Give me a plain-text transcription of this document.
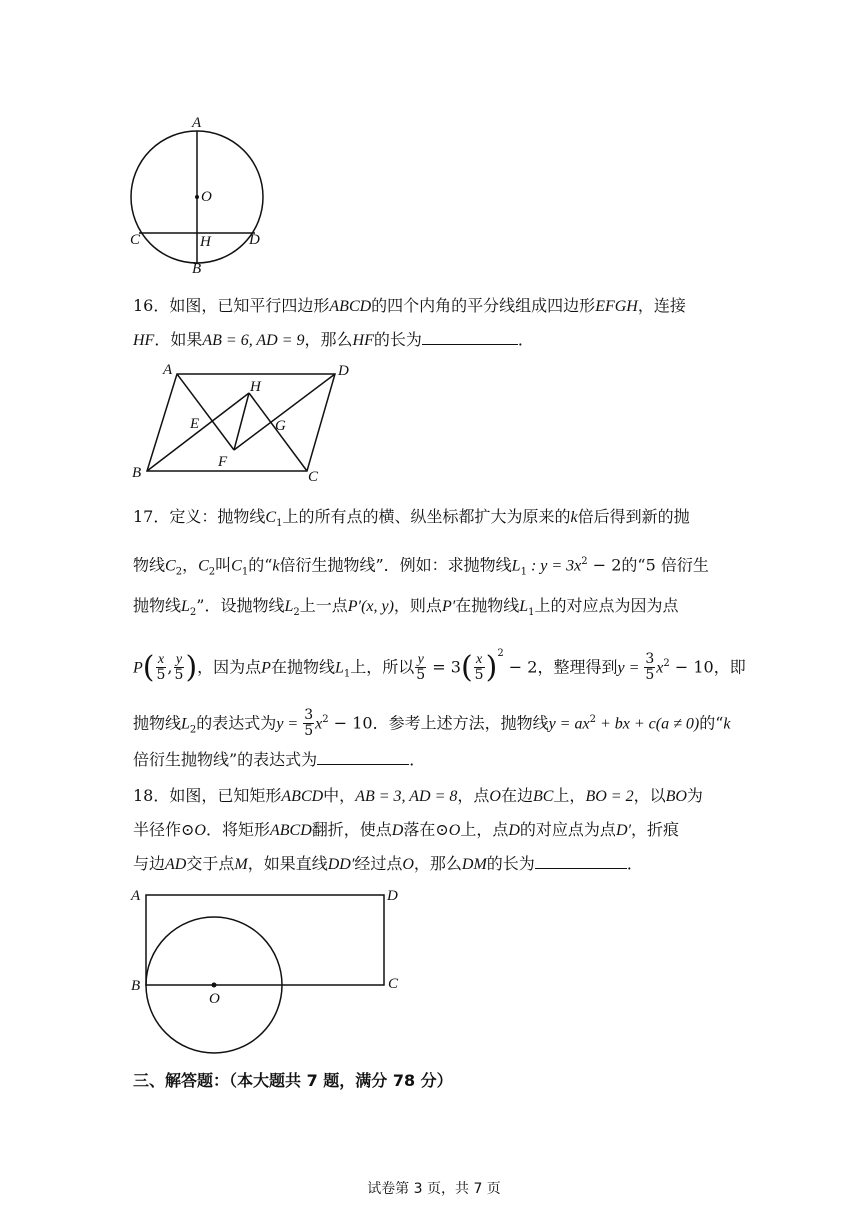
A
O
C	H	D
B
16．如图，已知平行四边形ABCD的四个内角的平分线组成四边形EFGH，连接
HF．如果AB = 6, AD = 9，那么HF的长为	．
A
H
D
E	G
F
B	C
17．定义：抛物线$C_1$上的所有点的横、纵坐标都扩大为原来的k倍后得到新的抛
物线$C_2$，$C_2$叫$C_1$的“k倍衍生抛物线”．例如：求抛物线$L_1$ : $y = 3x^2 - 2$的“5 倍衍生
抛物线$L_2$”．设抛物线$L_2$上一点P′(x, y)，则点P′在抛物线$L_1$上的对应点为因为点
$P( \frac{x}{5}$ , $\frac{y}{5}$ )，因为点P在抛物线$L_1$上，所以 $\frac{y}{5} = 3( \frac{x}{5} )^2 - 2$，整理得到$y = \frac{3}{5} x^2 - 10$，即
抛物线$L_2$的表达式为$y = \frac{3}{5} x^2 - 10$．参考上述方法，抛物线$y = ax^2$ + bx + c(a ≠ 0)的“k
倍衍生抛物线”的表达式为	．
18．如图，已知矩形ABCD中，AB = 3, AD = 8，点O在边BC上，BO = 2，以BO为
半径作⊙O．将矩形ABCD翻折，使点D落在⊙O上，点D的对应点为点D′，折痕
与边AD交于点M，如果直线DD′经过点O，那么DM的长为	．
A	D
B	C
O
三、解答题：（本大题共 7 题，满分 78 分）
试卷第 3 页，共 7 页
